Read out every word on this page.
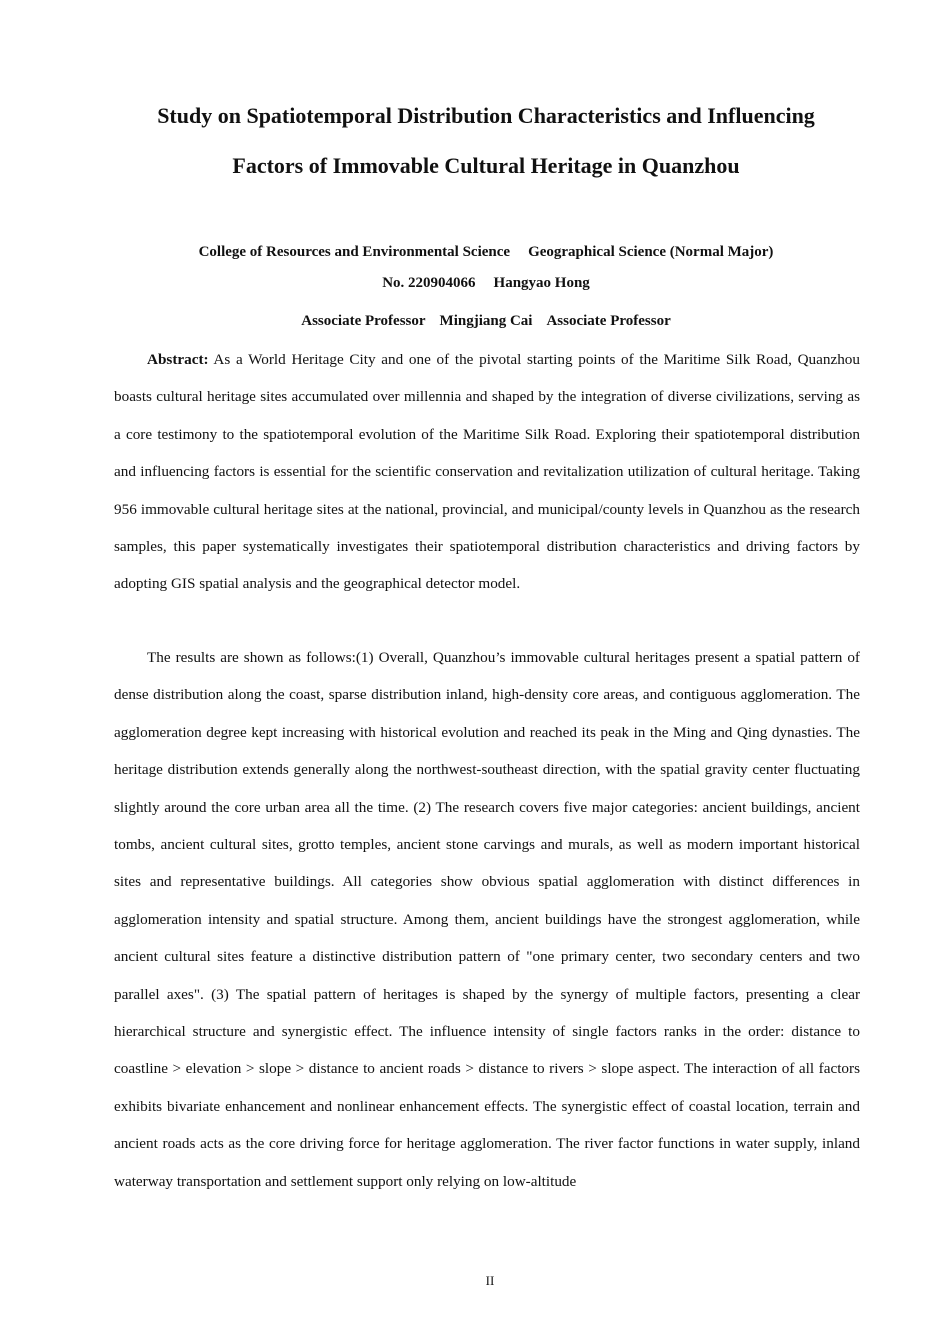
Study on Spatiotemporal Distribution Characteristics and Influencing
Factors of Immovable Cultural Heritage in Quanzhou
College of Resources and Environmental Science Geographical Science (Normal Major)
No. 220904066 Hangyao Hong
Associate Professor Mingjiang Cai Associate Professor

Abstract: As a World Heritage City and one of the pivotal starting points of the Maritime Silk Road, Quanzhou boasts cultural heritage sites accumulated over millennia and shaped by the integration of diverse civilizations, serving as a core testimony to the spatiotemporal evolution of the Maritime Silk Road. Exploring their spatiotemporal distribution and influencing factors is essential for the scientific conservation and revitalization utilization of cultural heritage. Taking 956 immovable cultural heritage sites at the national, provincial, and municipal/county levels in Quanzhou as the research samples, this paper systematically investigates their spatiotemporal distribution characteristics and driving factors by adopting GIS spatial analysis and the geographical detector model.

The results are shown as follows:(1) Overall, Quanzhou’s immovable cultural heritages present a spatial pattern of dense distribution along the coast, sparse distribution inland, high-density core areas, and contiguous agglomeration. The agglomeration degree kept increasing with historical evolution and reached its peak in the Ming and Qing dynasties. The heritage distribution extends generally along the northwest-southeast direction, with the spatial gravity center fluctuating slightly around the core urban area all the time. (2) The research covers five major categories: ancient buildings, ancient tombs, ancient cultural sites, grotto temples, ancient stone carvings and murals, as well as modern important historical sites and representative buildings. All categories show obvious spatial agglomeration with distinct differences in agglomeration intensity and spatial structure. Among them, ancient buildings have the strongest agglomeration, while ancient cultural sites feature a distinctive distribution pattern of "one primary center, two secondary centers and two parallel axes". (3) The spatial pattern of heritages is shaped by the synergy of multiple factors, presenting a clear hierarchical structure and synergistic effect. The influence intensity of single factors ranks in the order: distance to coastline > elevation > slope > distance to ancient roads > distance to rivers > slope aspect. The interaction of all factors exhibits bivariate enhancement and nonlinear enhancement effects. The synergistic effect of coastal location, terrain and ancient roads acts as the core driving force for heritage agglomeration. The river factor functions in water supply, inland waterway transportation and settlement support only relying on low-altitude

II
